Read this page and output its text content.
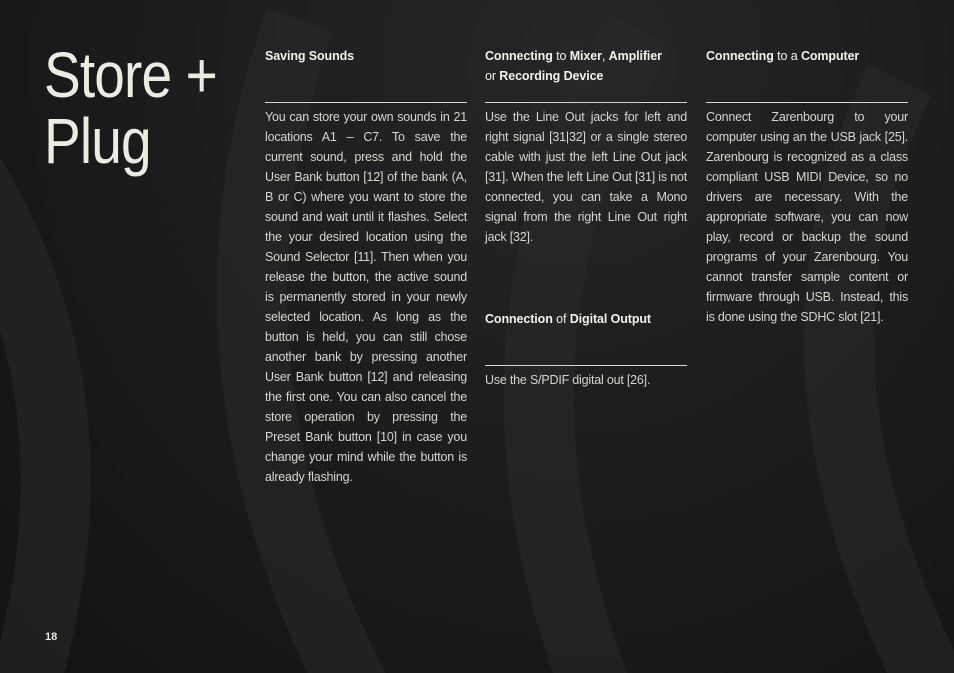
Store +
Plug
Saving Sounds

You can store your own sounds in 21 locations A1 – C7. To save the current sound, press and hold the User Bank button [12] of the bank (A, B or C) where you want to store the sound and wait until it flashes. Select the your desired location using the Sound Selector [11]. Then when you release the button, the active sound is permanently stored in your newly selected location. As long as the button is held, you can still chose another bank by pressing another User Bank button [12] and releasing the first one. You can also cancel the store operation by pressing the Preset Bank button [10] in case you change your mind while the button is already flashing.

Connecting to Mixer, Amplifier
or Recording Device

Use the Line Out jacks for left and right signal [31|32] or a single stereo cable with just the left Line Out jack [31]. When the left Line Out [31] is not connected, you can take a Mono signal from the right Line Out right jack [32].

Connection of Digital Output

Use the S/PDIF digital out [26].

Connecting to a Computer

Connect Zarenbourg to your computer using an the USB jack [25]. Zarenbourg is recognized as a class compliant USB MIDI Device, so no drivers are necessary. With the appropriate software, you can now play, record or backup the sound programs of your Zarenbourg. You cannot transfer sample content or firmware through USB. Instead, this is done using the SDHC slot [21].

18
